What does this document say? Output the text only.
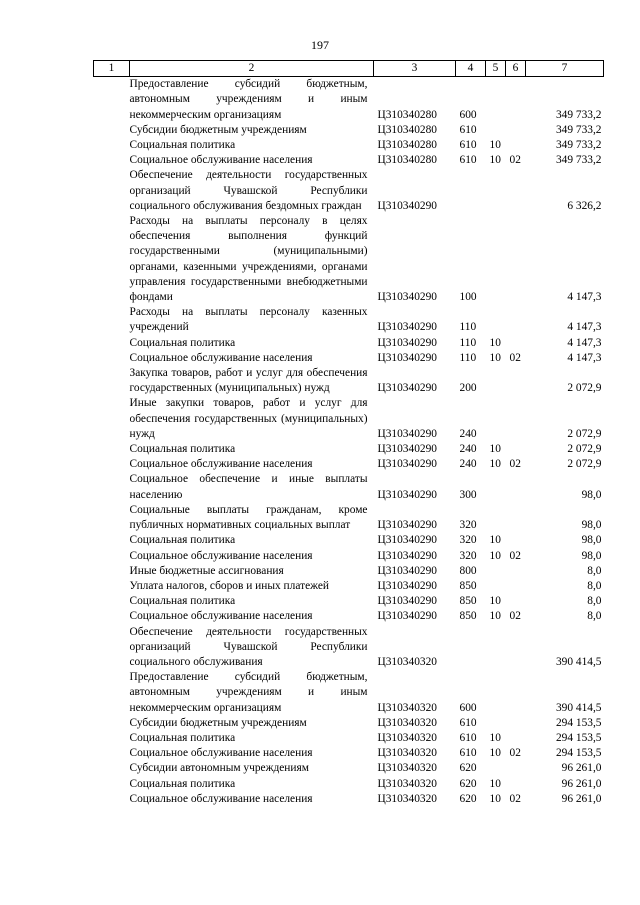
197
1	2	3	4	5	6	7
	Предоставление субсидий бюджетным, автономным учреждениям и иным некоммерческим организациям	Ц310340280	600			349 733,2
	Субсидии бюджетным учреждениям	Ц310340280	610			349 733,2
	Социальная политика	Ц310340280	610	10		349 733,2
	Социальное обслуживание населения	Ц310340280	610	10	02	349 733,2
	Обеспечение деятельности государственных организаций Чувашской Республики социального обслуживания бездомных граждан	Ц310340290				6 326,2
	Расходы на выплаты персоналу в целях обеспечения выполнения функций государственными (муниципальными) органами, казенными учреждениями, органами управления государственными внебюджетными фондами	Ц310340290	100			4 147,3
	Расходы на выплаты персоналу казенных учреждений	Ц310340290	110			4 147,3
	Социальная политика	Ц310340290	110	10		4 147,3
	Социальное обслуживание населения	Ц310340290	110	10	02	4 147,3
	Закупка товаров, работ и услуг для обеспечения государственных (муниципальных) нужд	Ц310340290	200			2 072,9
	Иные закупки товаров, работ и услуг для обеспечения государственных (муниципальных) нужд	Ц310340290	240			2 072,9
	Социальная политика	Ц310340290	240	10		2 072,9
	Социальное обслуживание населения	Ц310340290	240	10	02	2 072,9
	Социальное обеспечение и иные выплаты населению	Ц310340290	300			98,0
	Социальные выплаты гражданам, кроме публичных нормативных социальных выплат	Ц310340290	320			98,0
	Социальная политика	Ц310340290	320	10		98,0
	Социальное обслуживание населения	Ц310340290	320	10	02	98,0
	Иные бюджетные ассигнования	Ц310340290	800			8,0
	Уплата налогов, сборов и иных платежей	Ц310340290	850			8,0
	Социальная политика	Ц310340290	850	10		8,0
	Социальное обслуживание населения	Ц310340290	850	10	02	8,0
	Обеспечение деятельности государственных организаций Чувашской Республики социального обслуживания	Ц310340320				390 414,5
	Предоставление субсидий бюджетным, автономным учреждениям и иным некоммерческим организациям	Ц310340320	600			390 414,5
	Субсидии бюджетным учреждениям	Ц310340320	610			294 153,5
	Социальная политика	Ц310340320	610	10		294 153,5
	Социальное обслуживание населения	Ц310340320	610	10	02	294 153,5
	Субсидии автономным учреждениям	Ц310340320	620			96 261,0
	Социальная политика	Ц310340320	620	10		96 261,0
	Социальное обслуживание населения	Ц310340320	620	10	02	96 261,0
